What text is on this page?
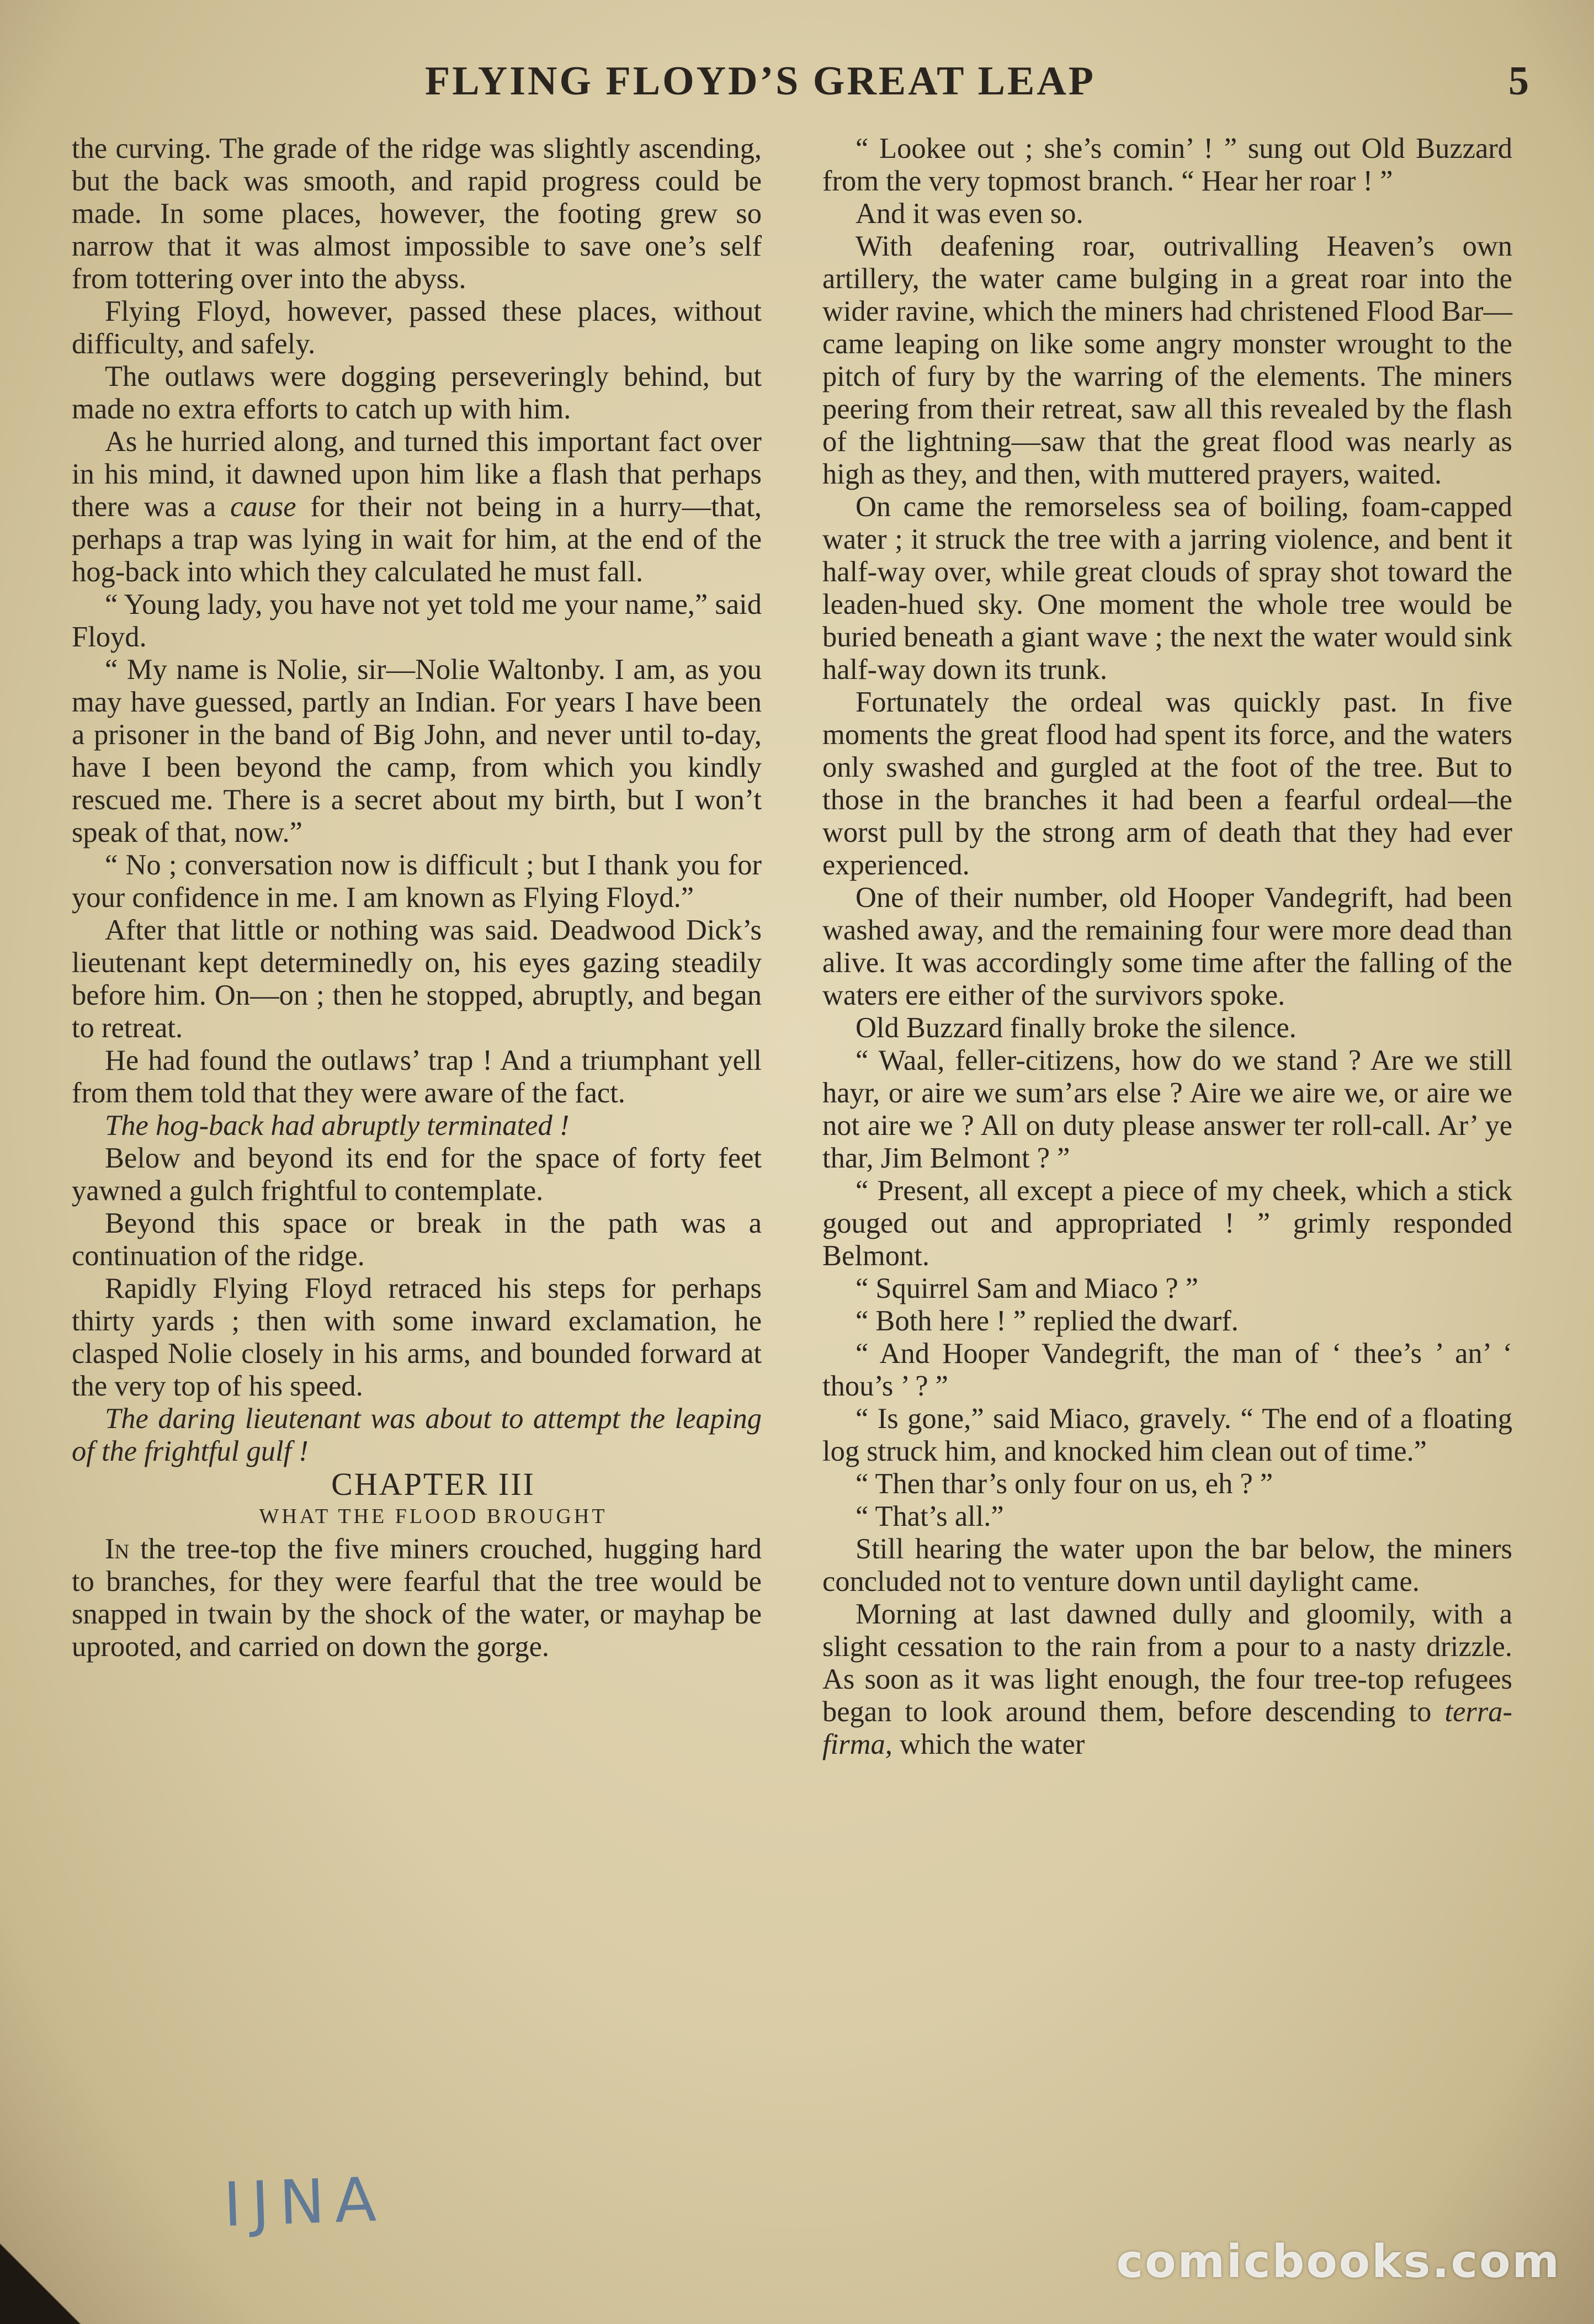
FLYING FLOYD’S GREAT LEAP	5

the curving. The grade of the ridge was slightly ascending, but the back was smooth, and rapid progress could be made. In some places, however, the footing grew so narrow that it was almost impossible to save one’s self from tottering over into the abyss.

Flying Floyd, however, passed these places, without difficulty, and safely.

The outlaws were dogging perseveringly behind, but made no extra efforts to catch up with him.

As he hurried along, and turned this important fact over in his mind, it dawned upon him like a flash that perhaps there was a cause for their not being in a hurry—that, perhaps a trap was lying in wait for him, at the end of the hog-back into which they calculated he must fall.

“ Young lady, you have not yet told me your name,” said Floyd.

“ My name is Nolie, sir—Nolie Waltonby. I am, as you may have guessed, partly an Indian. For years I have been a prisoner in the band of Big John, and never until to-day, have I been beyond the camp, from which you kindly rescued me. There is a secret about my birth, but I won’t speak of that, now.”

“ No ; conversation now is difficult ; but I thank you for your confidence in me. I am known as Flying Floyd.”

After that little or nothing was said. Deadwood Dick’s lieutenant kept determinedly on, his eyes gazing steadily before him. On—on ; then he stopped, abruptly, and began to retreat.

He had found the outlaws’ trap ! And a triumphant yell from them told that they were aware of the fact.

The hog-back had abruptly terminated !

Below and beyond its end for the space of forty feet yawned a gulch frightful to contemplate.

Beyond this space or break in the path was a continuation of the ridge.

Rapidly Flying Floyd retraced his steps for perhaps thirty yards ; then with some inward exclamation, he clasped Nolie closely in his arms, and bounded forward at the very top of his speed.

The daring lieutenant was about to attempt the leaping of the frightful gulf !

CHAPTER III

WHAT THE FLOOD BROUGHT

In the tree-top the five miners crouched, hugging hard to branches, for they were fearful that the tree would be snapped in twain by the shock of the water, or mayhap be uprooted, and carried on down the gorge.

“ Lookee out ; she’s comin’ ! ” sung out Old Buzzard from the very topmost branch. “ Hear her roar ! ”

And it was even so.

With deafening roar, outrivalling Heaven’s own artillery, the water came bulging in a great roar into the wider ravine, which the miners had christened Flood Bar—came leaping on like some angry monster wrought to the pitch of fury by the warring of the elements. The miners peering from their retreat, saw all this revealed by the flash of the lightning—saw that the great flood was nearly as high as they, and then, with muttered prayers, waited.

On came the remorseless sea of boiling, foam-capped water ; it struck the tree with a jarring violence, and bent it half-way over, while great clouds of spray shot toward the leaden-hued sky. One moment the whole tree would be buried beneath a giant wave ; the next the water would sink half-way down its trunk.

Fortunately the ordeal was quickly past. In five moments the great flood had spent its force, and the waters only swashed and gurgled at the foot of the tree. But to those in the branches it had been a fearful ordeal—the worst pull by the strong arm of death that they had ever experienced.

One of their number, old Hooper Vandegrift, had been washed away, and the remaining four were more dead than alive. It was accordingly some time after the falling of the waters ere either of the survivors spoke.

Old Buzzard finally broke the silence.

“ Waal, feller-citizens, how do we stand ? Are we still hayr, or aire we sum’ars else ? Aire we aire we, or aire we not aire we ? All on duty please answer ter roll-call. Ar’ ye thar, Jim Belmont ? ”

“ Present, all except a piece of my cheek, which a stick gouged out and appropriated ! ” grimly responded Belmont.

“ Squirrel Sam and Miaco ? ”

“ Both here ! ” replied the dwarf.

“ And Hooper Vandegrift, the man of ‘ thee’s ’ an’ ‘ thou’s ’ ? ”

“ Is gone,” said Miaco, gravely. “ The end of a floating log struck him, and knocked him clean out of time.”

“ Then thar’s only four on us, eh ? ”

“ That’s all.”

Still hearing the water upon the bar below, the miners concluded not to venture down until daylight came.

Morning at last dawned dully and gloomily, with a slight cessation to the rain from a pour to a nasty drizzle. As soon as it was light enough, the four tree-top refugees began to look around them, before descending to terra-firma, which the water

IJNA
comicbooks.com
